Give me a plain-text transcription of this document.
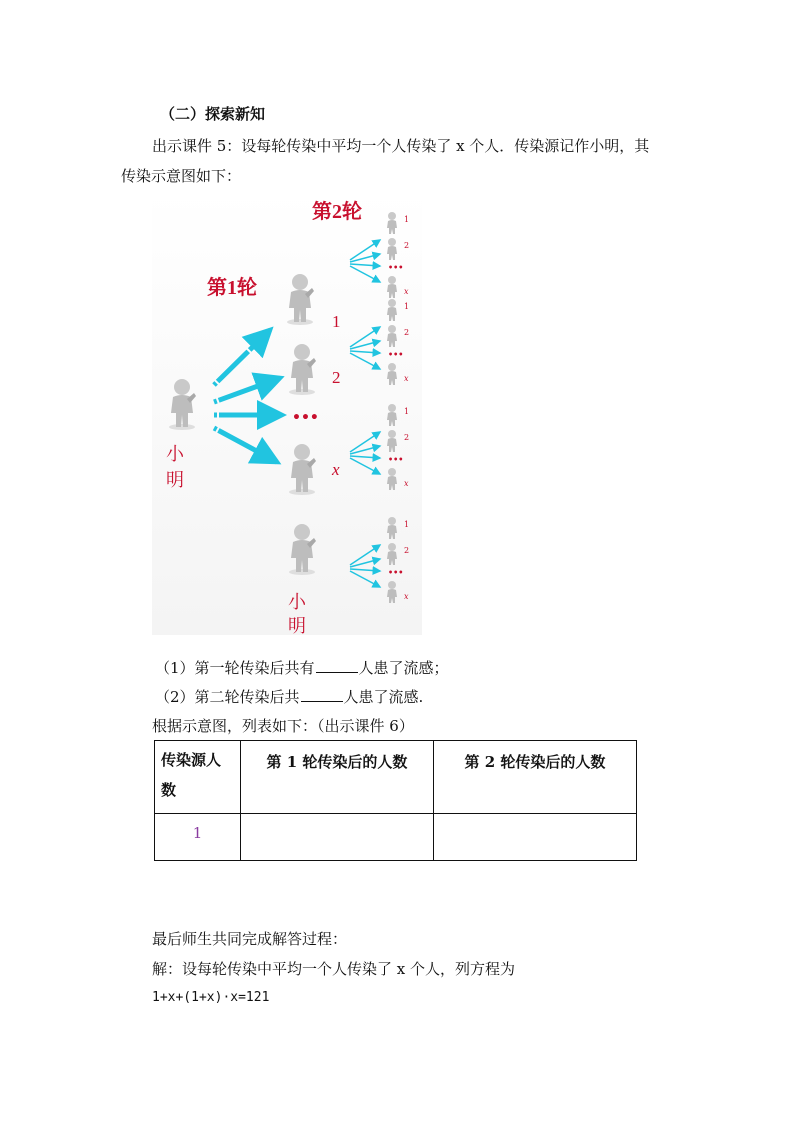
（二）探索新知
出示课件 5：设每轮传染中平均一个人传染了 x 个人．传染源记作小明，其
传染示意图如下：
第2轮
第1轮
小
明
1
2
•••
x
小
明
1
2
•••
x
1
2
•••
x
1
2
•••
x
1
2
•••
x
（1）第一轮传染后共有	人患了流感；
（2）第二轮传染后共	人患了流感.
根据示意图，列表如下：（出示课件 6）
传染源人
数	第 1 轮传染后的人数	第 2 轮传染后的人数
1		
最后师生共同完成解答过程：
解：设每轮传染中平均一个人传染了 x 个人，列方程为
1+x+(1+x)·x=121
